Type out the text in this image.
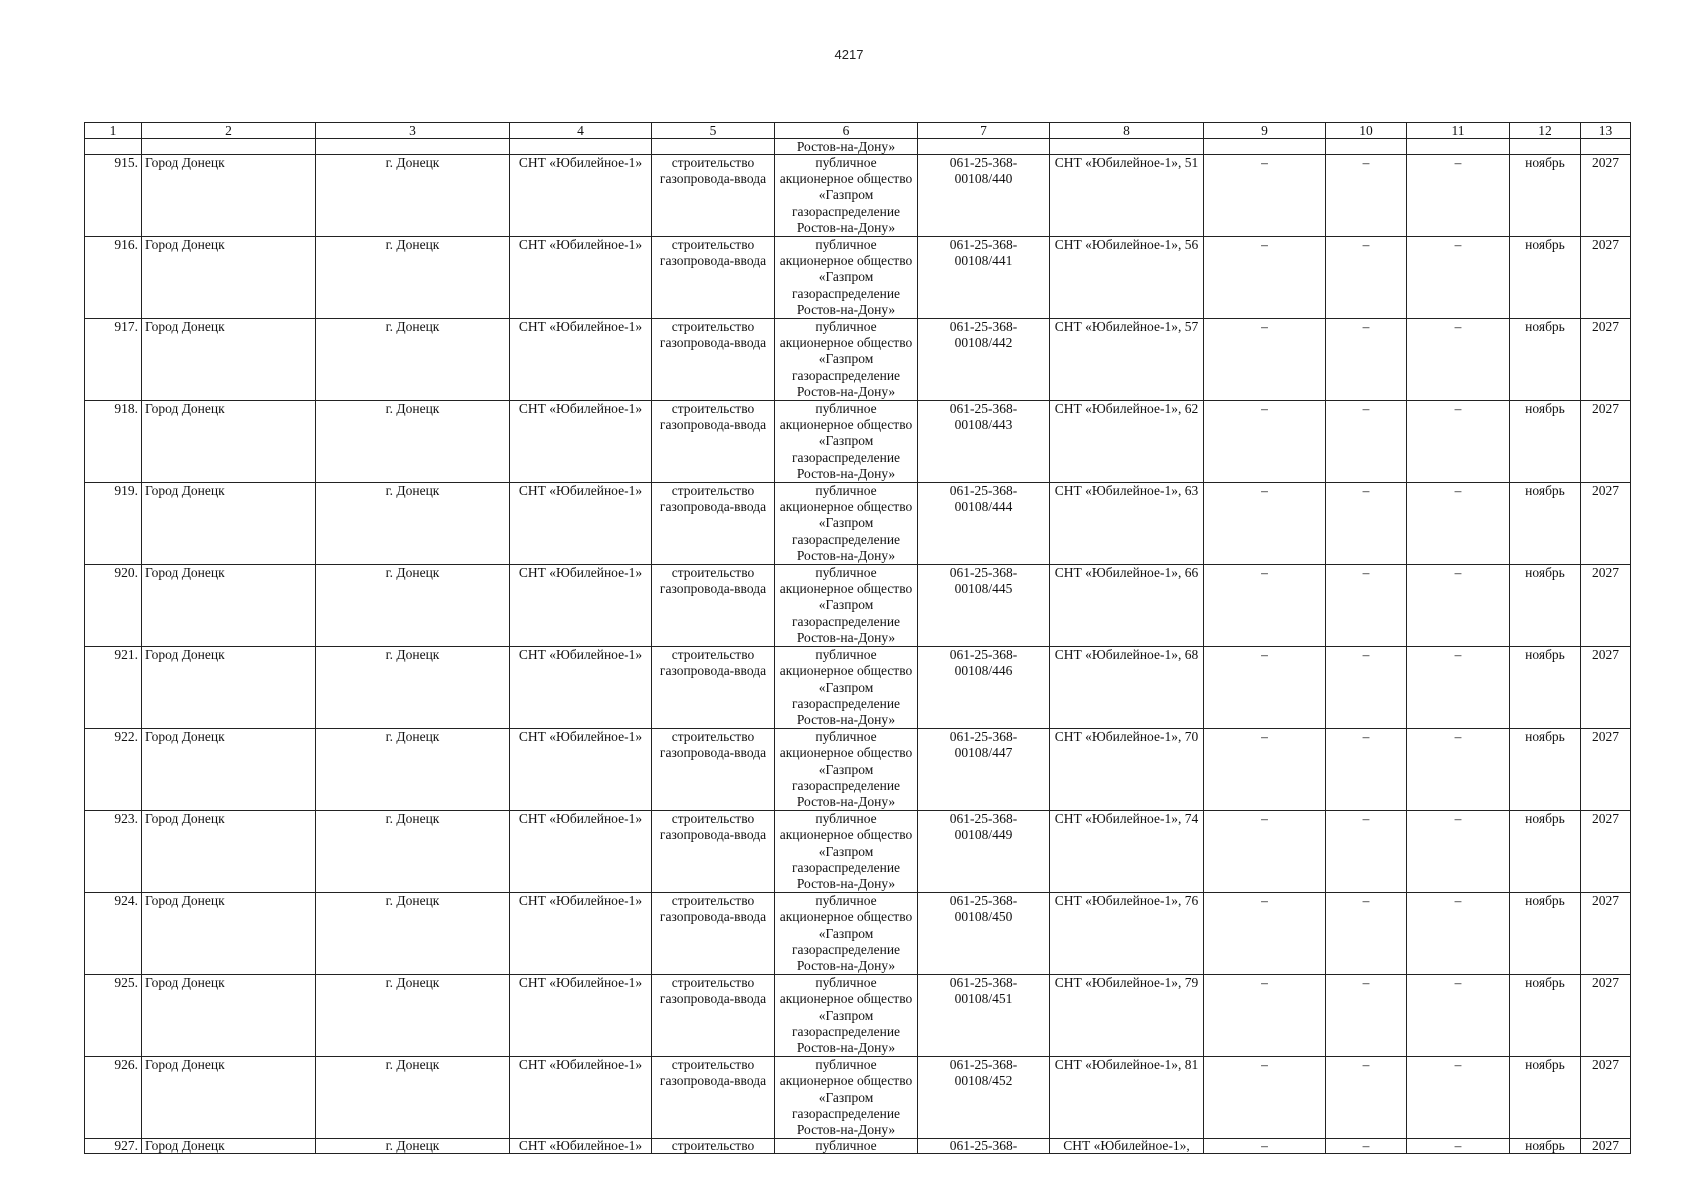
4217
1	2	3	4	5	6	7	8	9	10	11	12	13
					Ростов-на-Дону»							
915.	Город Донецк	г. Донецк	СНТ «Юбилейное-1»	строительство газопровода-ввода	публичное акционерное общество «Газпром газораспределение Ростов-на-Дону»	061-25-368-00108/440	СНТ «Юбилейное-1», 51	–	–	–	ноябрь	2027
916.	Город Донецк	г. Донецк	СНТ «Юбилейное-1»	строительство газопровода-ввода	публичное акционерное общество «Газпром газораспределение Ростов-на-Дону»	061-25-368-00108/441	СНТ «Юбилейное-1», 56	–	–	–	ноябрь	2027
917.	Город Донецк	г. Донецк	СНТ «Юбилейное-1»	строительство газопровода-ввода	публичное акционерное общество «Газпром газораспределение Ростов-на-Дону»	061-25-368-00108/442	СНТ «Юбилейное-1», 57	–	–	–	ноябрь	2027
918.	Город Донецк	г. Донецк	СНТ «Юбилейное-1»	строительство газопровода-ввода	публичное акционерное общество «Газпром газораспределение Ростов-на-Дону»	061-25-368-00108/443	СНТ «Юбилейное-1», 62	–	–	–	ноябрь	2027
919.	Город Донецк	г. Донецк	СНТ «Юбилейное-1»	строительство газопровода-ввода	публичное акционерное общество «Газпром газораспределение Ростов-на-Дону»	061-25-368-00108/444	СНТ «Юбилейное-1», 63	–	–	–	ноябрь	2027
920.	Город Донецк	г. Донецк	СНТ «Юбилейное-1»	строительство газопровода-ввода	публичное акционерное общество «Газпром газораспределение Ростов-на-Дону»	061-25-368-00108/445	СНТ «Юбилейное-1», 66	–	–	–	ноябрь	2027
921.	Город Донецк	г. Донецк	СНТ «Юбилейное-1»	строительство газопровода-ввода	публичное акционерное общество «Газпром газораспределение Ростов-на-Дону»	061-25-368-00108/446	СНТ «Юбилейное-1», 68	–	–	–	ноябрь	2027
922.	Город Донецк	г. Донецк	СНТ «Юбилейное-1»	строительство газопровода-ввода	публичное акционерное общество «Газпром газораспределение Ростов-на-Дону»	061-25-368-00108/447	СНТ «Юбилейное-1», 70	–	–	–	ноябрь	2027
923.	Город Донецк	г. Донецк	СНТ «Юбилейное-1»	строительство газопровода-ввода	публичное акционерное общество «Газпром газораспределение Ростов-на-Дону»	061-25-368-00108/449	СНТ «Юбилейное-1», 74	–	–	–	ноябрь	2027
924.	Город Донецк	г. Донецк	СНТ «Юбилейное-1»	строительство газопровода-ввода	публичное акционерное общество «Газпром газораспределение Ростов-на-Дону»	061-25-368-00108/450	СНТ «Юбилейное-1», 76	–	–	–	ноябрь	2027
925.	Город Донецк	г. Донецк	СНТ «Юбилейное-1»	строительство газопровода-ввода	публичное акционерное общество «Газпром газораспределение Ростов-на-Дону»	061-25-368-00108/451	СНТ «Юбилейное-1», 79	–	–	–	ноябрь	2027
926.	Город Донецк	г. Донецк	СНТ «Юбилейное-1»	строительство газопровода-ввода	публичное акционерное общество «Газпром газораспределение Ростов-на-Дону»	061-25-368-00108/452	СНТ «Юбилейное-1», 81	–	–	–	ноябрь	2027
927.	Город Донецк	г. Донецк	СНТ «Юбилейное-1»	строительство	публичное	061-25-368-	СНТ «Юбилейное-1»,	–	–	–	ноябрь	2027
